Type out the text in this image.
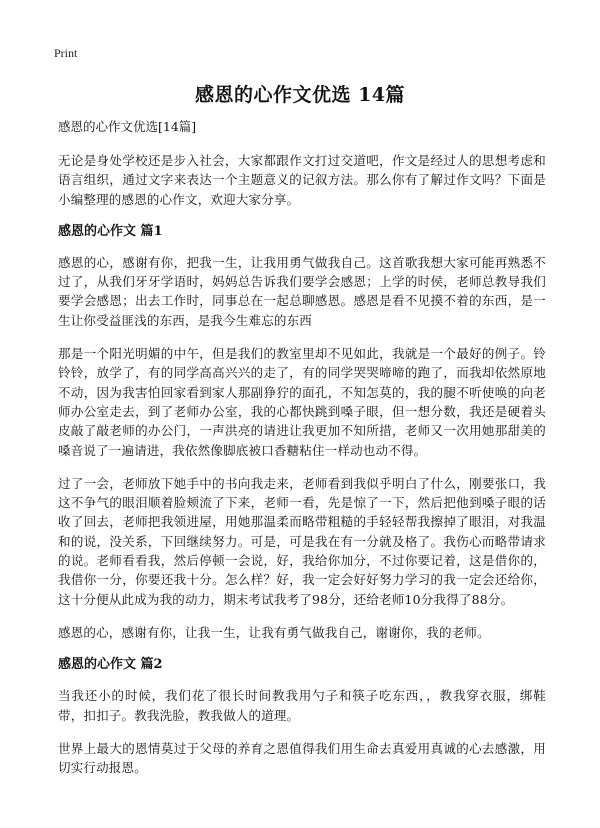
Print
感恩的心作文优选 14篇
感恩的心作文优选[14篇]

无论是身处学校还是步入社会，大家都跟作文打过交道吧，作文是经过人的思想考虑和语言组织，通过文字来表达一个主题意义的记叙方法。那么你有了解过作文吗？下面是小编整理的感恩的心作文，欢迎大家分享。

感恩的心作文 篇1

感恩的心，感谢有你，把我一生，让我用勇气做我自己。这首歌我想大家可能再熟悉不过了，从我们牙牙学语时，妈妈总告诉我们要学会感恩；上学的时侯，老师总教导我们要学会感恩；出去工作时，同事总在一起总聊感恩。感恩是看不见摸不着的东西，是一生让你受益匪浅的东西，是我今生难忘的东西

那是一个阳光明媚的中午，但是我们的教室里却不见如此，我就是一个最好的例子。铃铃铃，放学了，有的同学高高兴兴的走了，有的同学哭哭啼啼的跑了，而我却依然原地不动，因为我害怕回家看到家人那副狰狞的面孔，不知怎莫的，我的腿不听使唤的向老师办公室走去，到了老师办公室，我的心都快跳到嗓子眼，但一想分数，我还是硬着头皮敲了敲老师的办公门，一声洪亮的请进让我更加不知所措，老师又一次用她那甜美的嗓音说了一遍请进，我依然像脚底被口香糖粘住一样动也动不得。

过了一会，老师放下她手中的书向我走来，老师看到我似乎明白了什么，刚要张口，我这不争气的眼泪顺着脸颊流了下来，老师一看，先是惊了一下，然后把他到嗓子眼的话收了回去，老师把我领进屋，用她那温柔而略带粗糙的手轻轻帮我擦掉了眼泪，对我温和的说，没关系，下回继续努力。可是，可是我在有一分就及格了。我伤心而略带请求的说。老师看看我，然后停顿一会说，好，我给你加分，不过你要记着，这是借你的，我借你一分，你要还我十分。怎么样？好，我一定会好好努力学习的我一定会还给你，这十分便从此成为我的动力，期末考试我考了98分，还给老师10分我得了88分。

感恩的心，感谢有你，让我一生，让我有勇气做我自己，谢谢你，我的老师。

感恩的心作文 篇2

当我还小的时候，我们花了很长时间教我用勺子和筷子吃东西，，教我穿衣服，绑鞋带，扣扣子。教我洗脸，教我做人的道理。

世界上最大的恩情莫过于父母的养育之恩值得我们用生命去真爱用真诚的心去感激，用切实行动报恩。
